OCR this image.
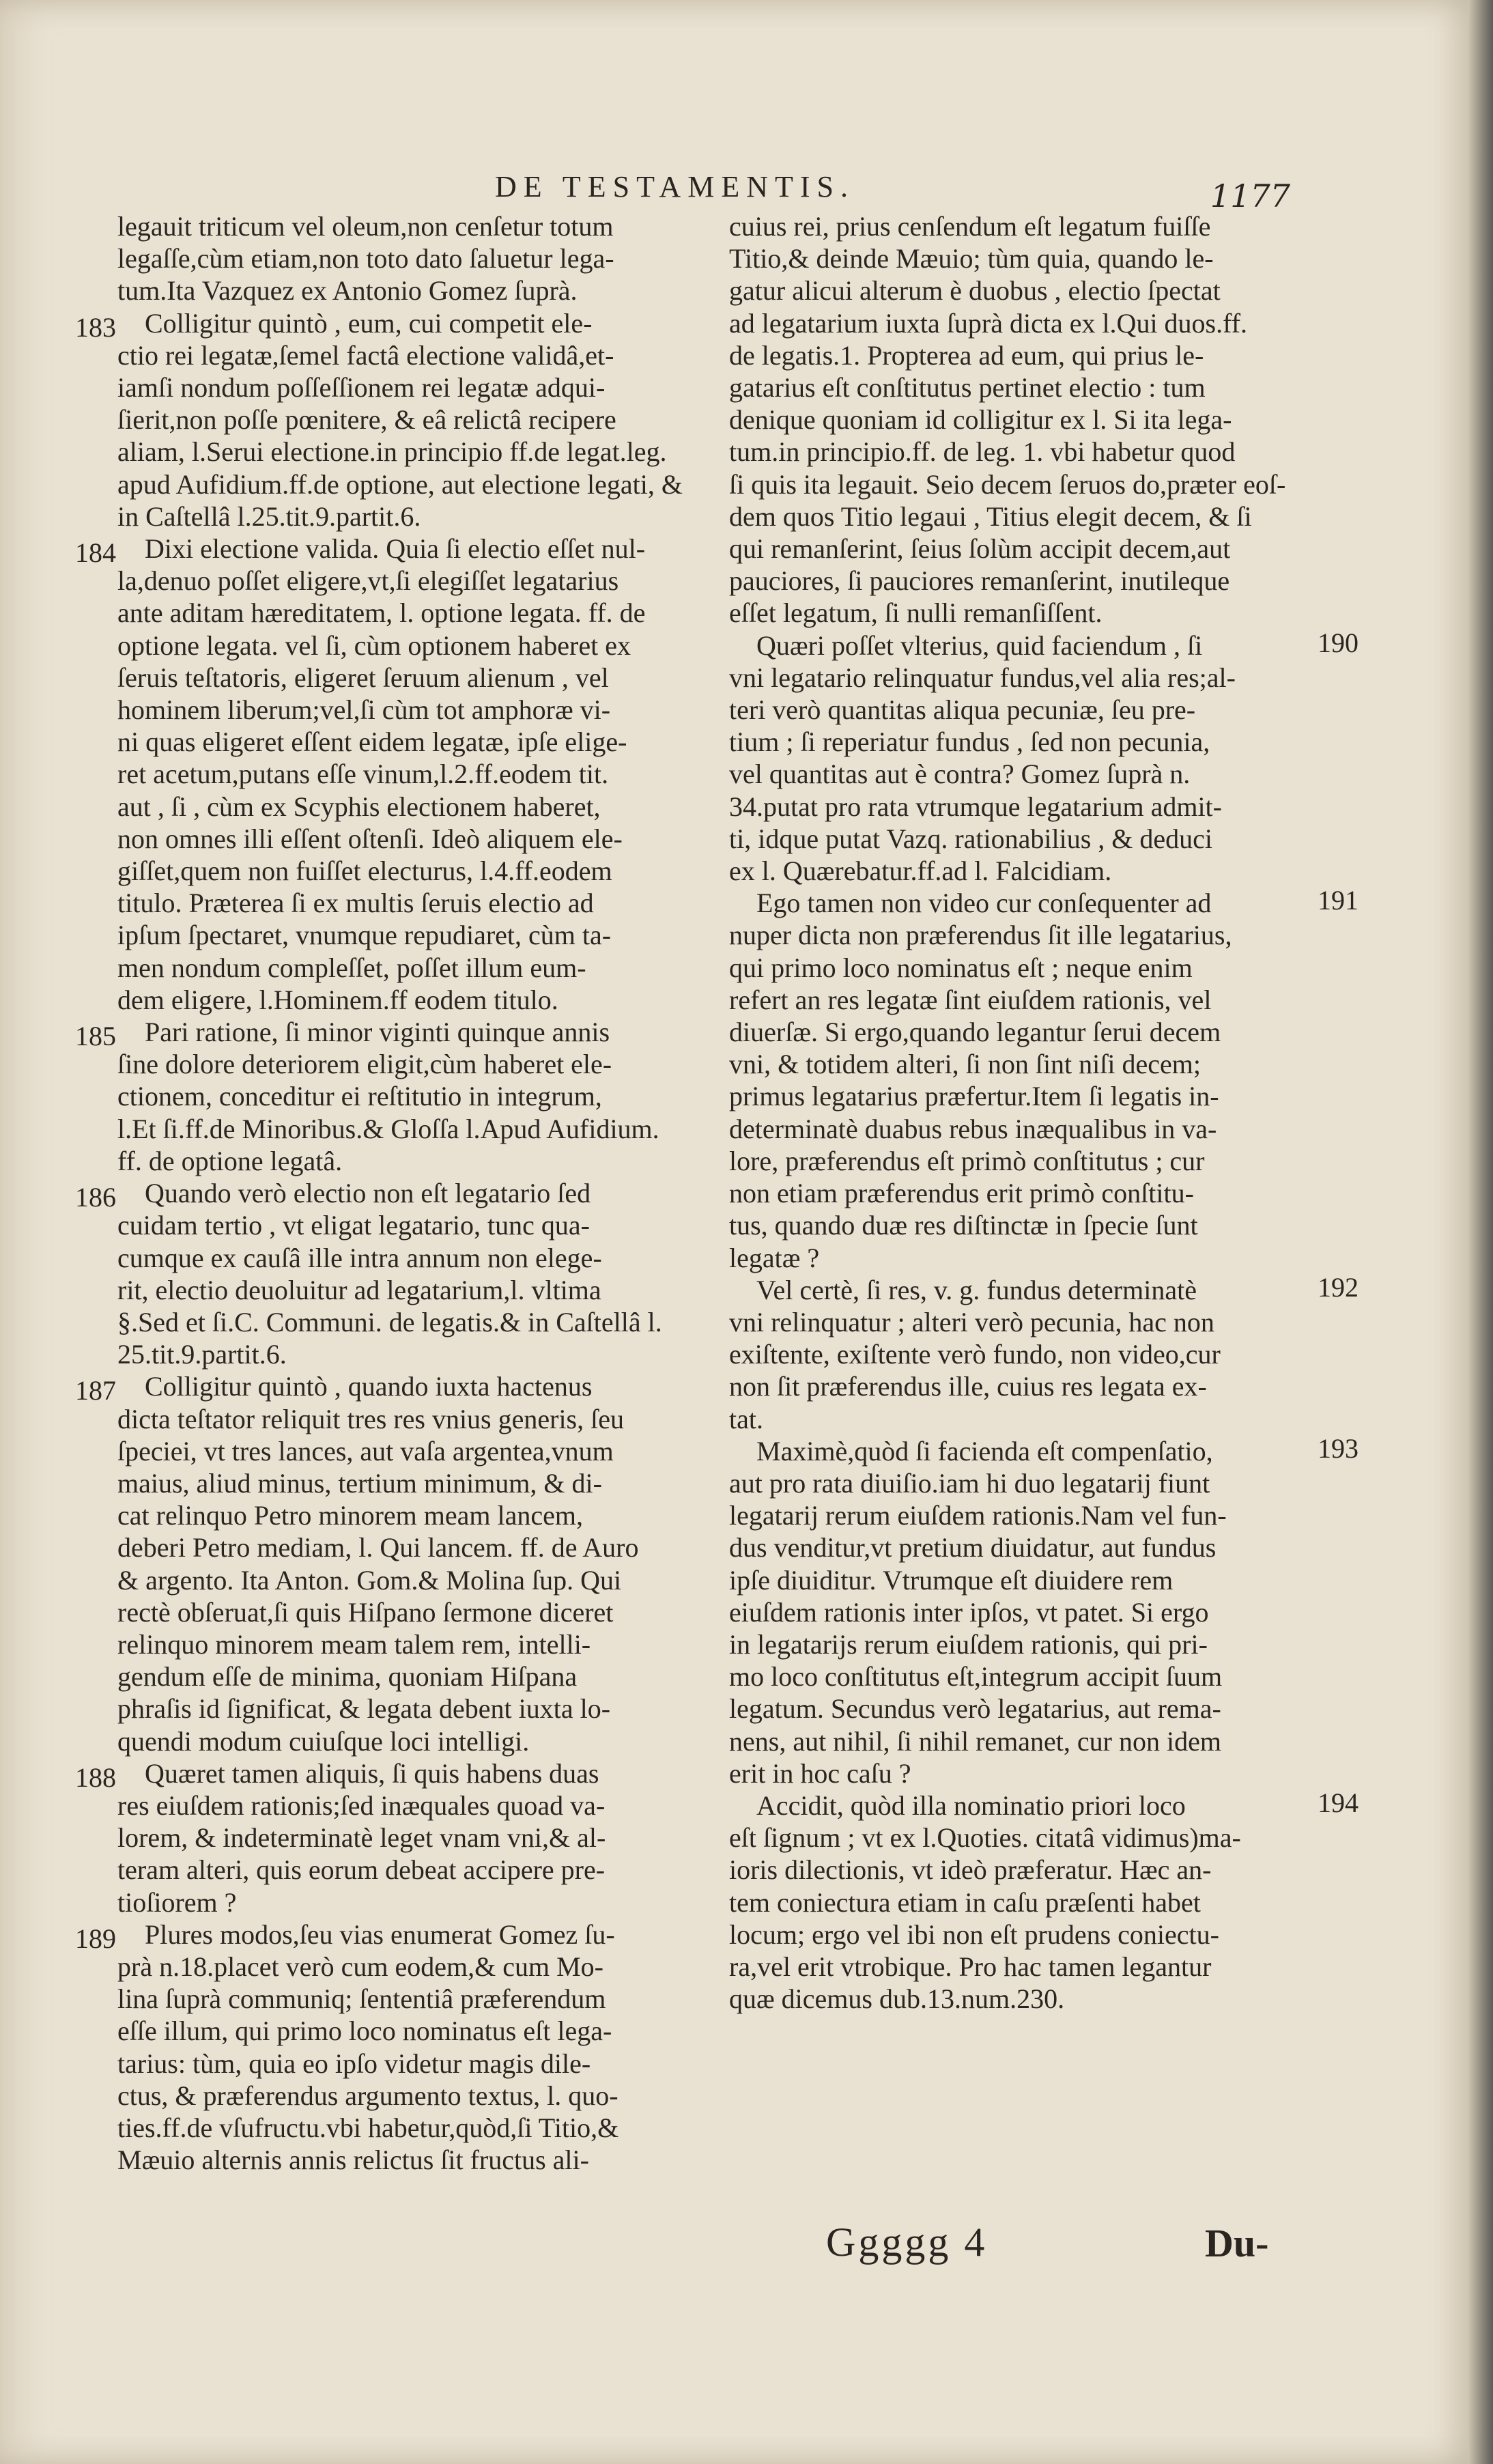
DE TESTAMENTIS.	1177
legauit triticum vel oleum,non cenſetur totum
legaſſe,cùm etiam,non toto dato ſaluetur lega-
tum.Ita Vazquez ex Antonio Gomez ſuprà.
Colligitur quintò , eum, cui competit ele-
183
ctio rei legatæ,ſemel factâ electione validâ,et-
iamſi nondum poſſeſſionem rei legatæ adqui-
ſierit,non poſſe pœnitere, & eâ relictâ recipere
aliam, l.Serui electione.in principio ff.de legat.leg.
apud Aufidium.ff.de optione, aut electione legati, &
in Caſtellâ l.25.tit.9.partit.6.
Dixi electione valida. Quia ſi electio eſſet nul-
184
la,denuo poſſet eligere,vt,ſi elegiſſet legatarius
ante aditam hæreditatem, l. optione legata. ff. de
optione legata. vel ſi, cùm optionem haberet ex
ſeruis teſtatoris, eligeret ſeruum alienum , vel
hominem liberum;vel,ſi cùm tot amphoræ vi-
ni quas eligeret eſſent eidem legatæ, ipſe elige-
ret acetum,putans eſſe vinum,l.2.ff.eodem tit.
aut , ſi , cùm ex Scyphis electionem haberet,
non omnes illi eſſent oſtenſi. Ideò aliquem ele-
giſſet,quem non fuiſſet electurus, l.4.ff.eodem
titulo. Præterea ſi ex multis ſeruis electio ad
ipſum ſpectaret, vnumque repudiaret, cùm ta-
men nondum compleſſet, poſſet illum eum-
dem eligere, l.Hominem.ff eodem titulo.
Pari ratione, ſi minor viginti quinque annis
185
ſine dolore deteriorem eligit,cùm haberet ele-
ctionem, conceditur ei reſtitutio in integrum,
l.Et ſi.ff.de Minoribus.& Gloſſa l.Apud Aufidium.
ff. de optione legatâ.
Quando verò electio non eſt legatario ſed
186
cuidam tertio , vt eligat legatario, tunc qua-
cumque ex cauſâ ille intra annum non elege-
rit, electio deuoluitur ad legatarium,l. vltima
§.Sed et ſi.C. Communi. de legatis.& in Caſtellâ l.
25.tit.9.partit.6.
Colligitur quintò , quando iuxta hactenus
187
dicta teſtator reliquit tres res vnius generis, ſeu
ſpeciei, vt tres lances, aut vaſa argentea,vnum
maius, aliud minus, tertium minimum, & di-
cat relinquo Petro minorem meam lancem,
deberi Petro mediam, l. Qui lancem. ff. de Auro
& argento. Ita Anton. Gom.& Molina ſup. Qui
rectè obſeruat,ſi quis Hiſpano ſermone diceret
relinquo minorem meam talem rem, intelli-
gendum eſſe de minima, quoniam Hiſpana
phraſis id ſignificat, & legata debent iuxta lo-
quendi modum cuiuſque loci intelligi.
Quæret tamen aliquis, ſi quis habens duas
188
res eiuſdem rationis;ſed inæquales quoad va-
lorem, & indeterminatè leget vnam vni,& al-
teram alteri, quis eorum debeat accipere pre-
tioſiorem ?
Plures modos,ſeu vias enumerat Gomez ſu-
189
prà n.18.placet verò cum eodem,& cum Mo-
lina ſuprà communiq; ſententiâ præferendum
eſſe illum, qui primo loco nominatus eſt lega-
tarius: tùm, quia eo ipſo videtur magis dile-
ctus, & præferendus argumento textus, l. quo-
ties.ff.de vſufructu.vbi habetur,quòd,ſi Titio,&
Mæuio alternis annis relictus ſit fructus ali-
cuius rei, prius cenſendum eſt legatum fuiſſe
Titio,& deinde Mæuio; tùm quia, quando le-
gatur alicui alterum è duobus , electio ſpectat
ad legatarium iuxta ſuprà dicta ex l.Qui duos.ff.
de legatis.1. Propterea ad eum, qui prius le-
gatarius eſt conſtitutus pertinet electio : tum
denique quoniam id colligitur ex l. Si ita lega-
tum.in principio.ff. de leg. 1. vbi habetur quod
ſi quis ita legauit. Seio decem ſeruos do,præter eoſ-
dem quos Titio legaui , Titius elegit decem, & ſi
qui remanſerint, ſeius ſolùm accipit decem,aut
pauciores, ſi pauciores remanſerint, inutileque
eſſet legatum, ſi nulli remanſiſſent.
Quæri poſſet vlterius, quid faciendum , ſi	190
vni legatario relinquatur fundus,vel alia res;al-
teri verò quantitas aliqua pecuniæ, ſeu pre-
tium ; ſi reperiatur fundus , ſed non pecunia,
vel quantitas aut è contra? Gomez ſuprà n.
34.putat pro rata vtrumque legatarium admit-
ti, idque putat Vazq. rationabilius , & deduci
ex l. Quærebatur.ff.ad l. Falcidiam.
Ego tamen non video cur conſequenter ad	191
nuper dicta non præferendus ſit ille legatarius,
qui primo loco nominatus eſt ; neque enim
refert an res legatæ ſint eiuſdem rationis, vel
diuerſæ. Si ergo,quando legantur ſerui decem
vni, & totidem alteri, ſi non ſint niſi decem;
primus legatarius præfertur.Item ſi legatis in-
determinatè duabus rebus inæqualibus in va-
lore, præferendus eſt primò conſtitutus ; cur
non etiam præferendus erit primò conſtitu-
tus, quando duæ res diſtinctæ in ſpecie ſunt
legatæ ?
Vel certè, ſi res, v. g. fundus determinatè	192
vni relinquatur ; alteri verò pecunia, hac non
exiſtente, exiſtente verò fundo, non video,cur
non ſit præferendus ille, cuius res legata ex-
tat.
Maximè,quòd ſi facienda eſt compenſatio,	193
aut pro rata diuiſio.iam hi duo legatarij fiunt
legatarij rerum eiuſdem rationis.Nam vel fun-
dus venditur,vt pretium diuidatur, aut fundus
ipſe diuiditur. Vtrumque eſt diuidere rem
eiuſdem rationis inter ipſos, vt patet. Si ergo
in legatarijs rerum eiuſdem rationis, qui pri-
mo loco conſtitutus eſt,integrum accipit ſuum
legatum. Secundus verò legatarius, aut rema-
nens, aut nihil, ſi nihil remanet, cur non idem
erit in hoc caſu ?
Accidit, quòd illa nominatio priori loco	194
eſt ſignum ; vt ex l.Quoties. citatâ vidimus)ma-
ioris dilectionis, vt ideò præferatur. Hæc an-
tem coniectura etiam in caſu præſenti habet
locum; ergo vel ibi non eſt prudens coniectu-
ra,vel erit vtrobique. Pro hac tamen legantur
quæ dicemus dub.13.num.230.
Ggggg 4	Du-
